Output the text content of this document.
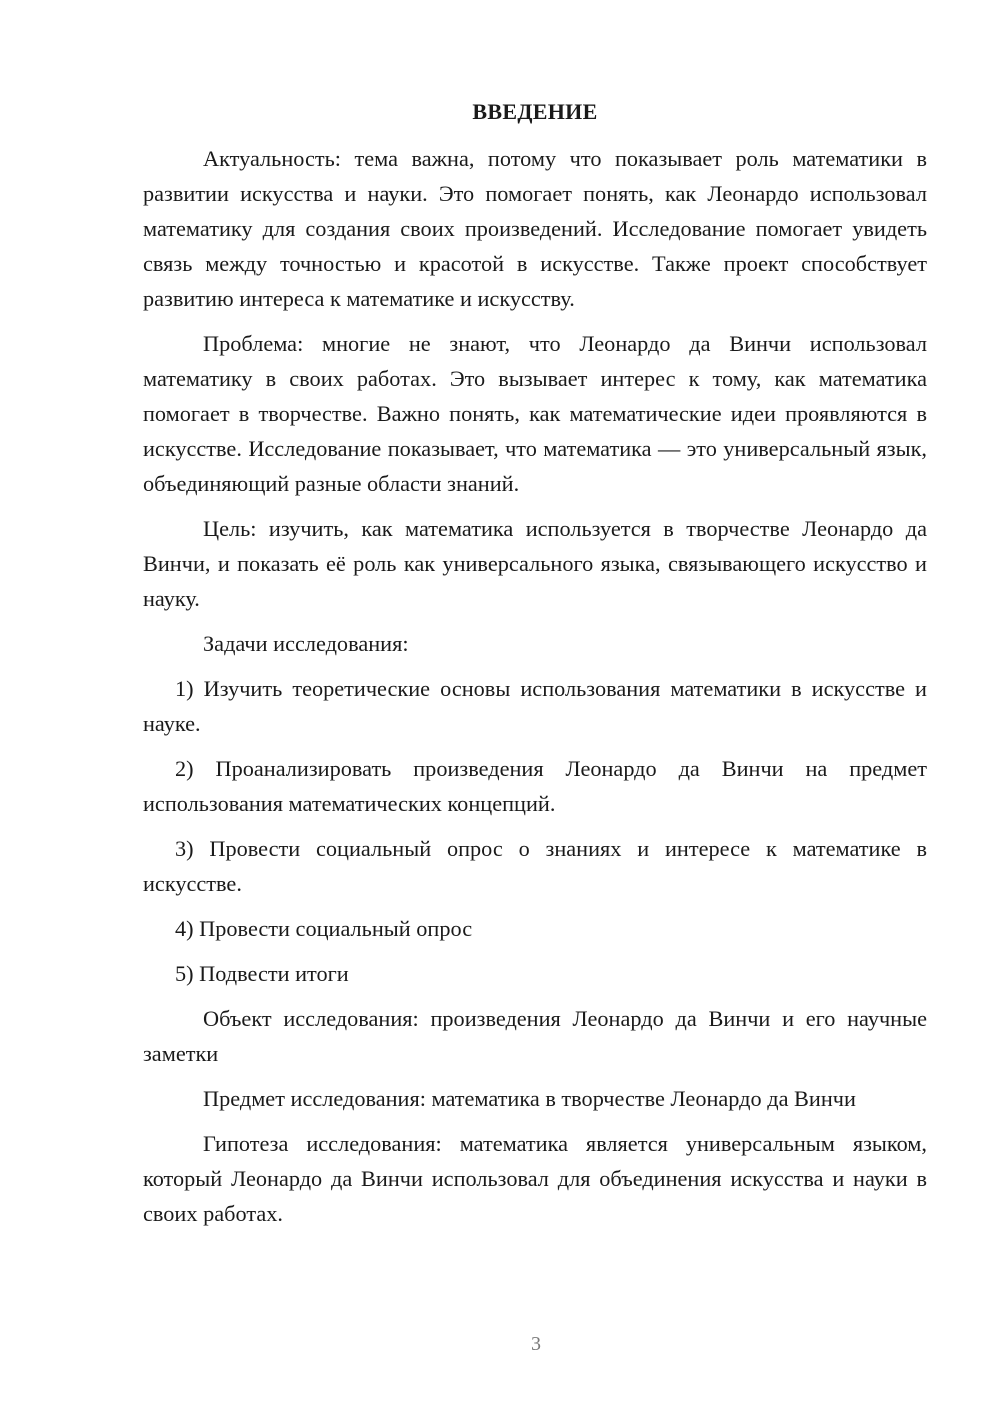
ВВЕДЕНИЕ

Актуальность: тема важна, потому что показывает роль математики в развитии искусства и науки. Это помогает понять, как Леонардо использовал математику для создания своих произведений. Исследование помогает увидеть связь между точностью и красотой в искусстве. Также проект способствует развитию интереса к математике и искусству.

Проблема: многие не знают, что Леонардо да Винчи использовал математику в своих работах. Это вызывает интерес к тому, как математика помогает в творчестве. Важно понять, как математические идеи проявляются в искусстве. Исследование показывает, что математика — это универсальный язык, объединяющий разные области знаний.

Цель: изучить, как математика используется в творчестве Леонардо да Винчи, и показать её роль как универсального языка, связывающего искусство и науку.

Задачи исследования:

1) Изучить теоретические основы использования математики в искусстве и науке.

2) Проанализировать произведения Леонардо да Винчи на предмет использования математических концепций.

3) Провести социальный опрос о знаниях и интересе к математике в искусстве.

4) Провести социальный опрос

5) Подвести итоги

Объект исследования: произведения Леонардо да Винчи и его научные заметки

Предмет исследования: математика в творчестве Леонардо да Винчи

Гипотеза исследования: математика является универсальным языком, который Леонардо да Винчи использовал для объединения искусства и науки в своих работах.

3
